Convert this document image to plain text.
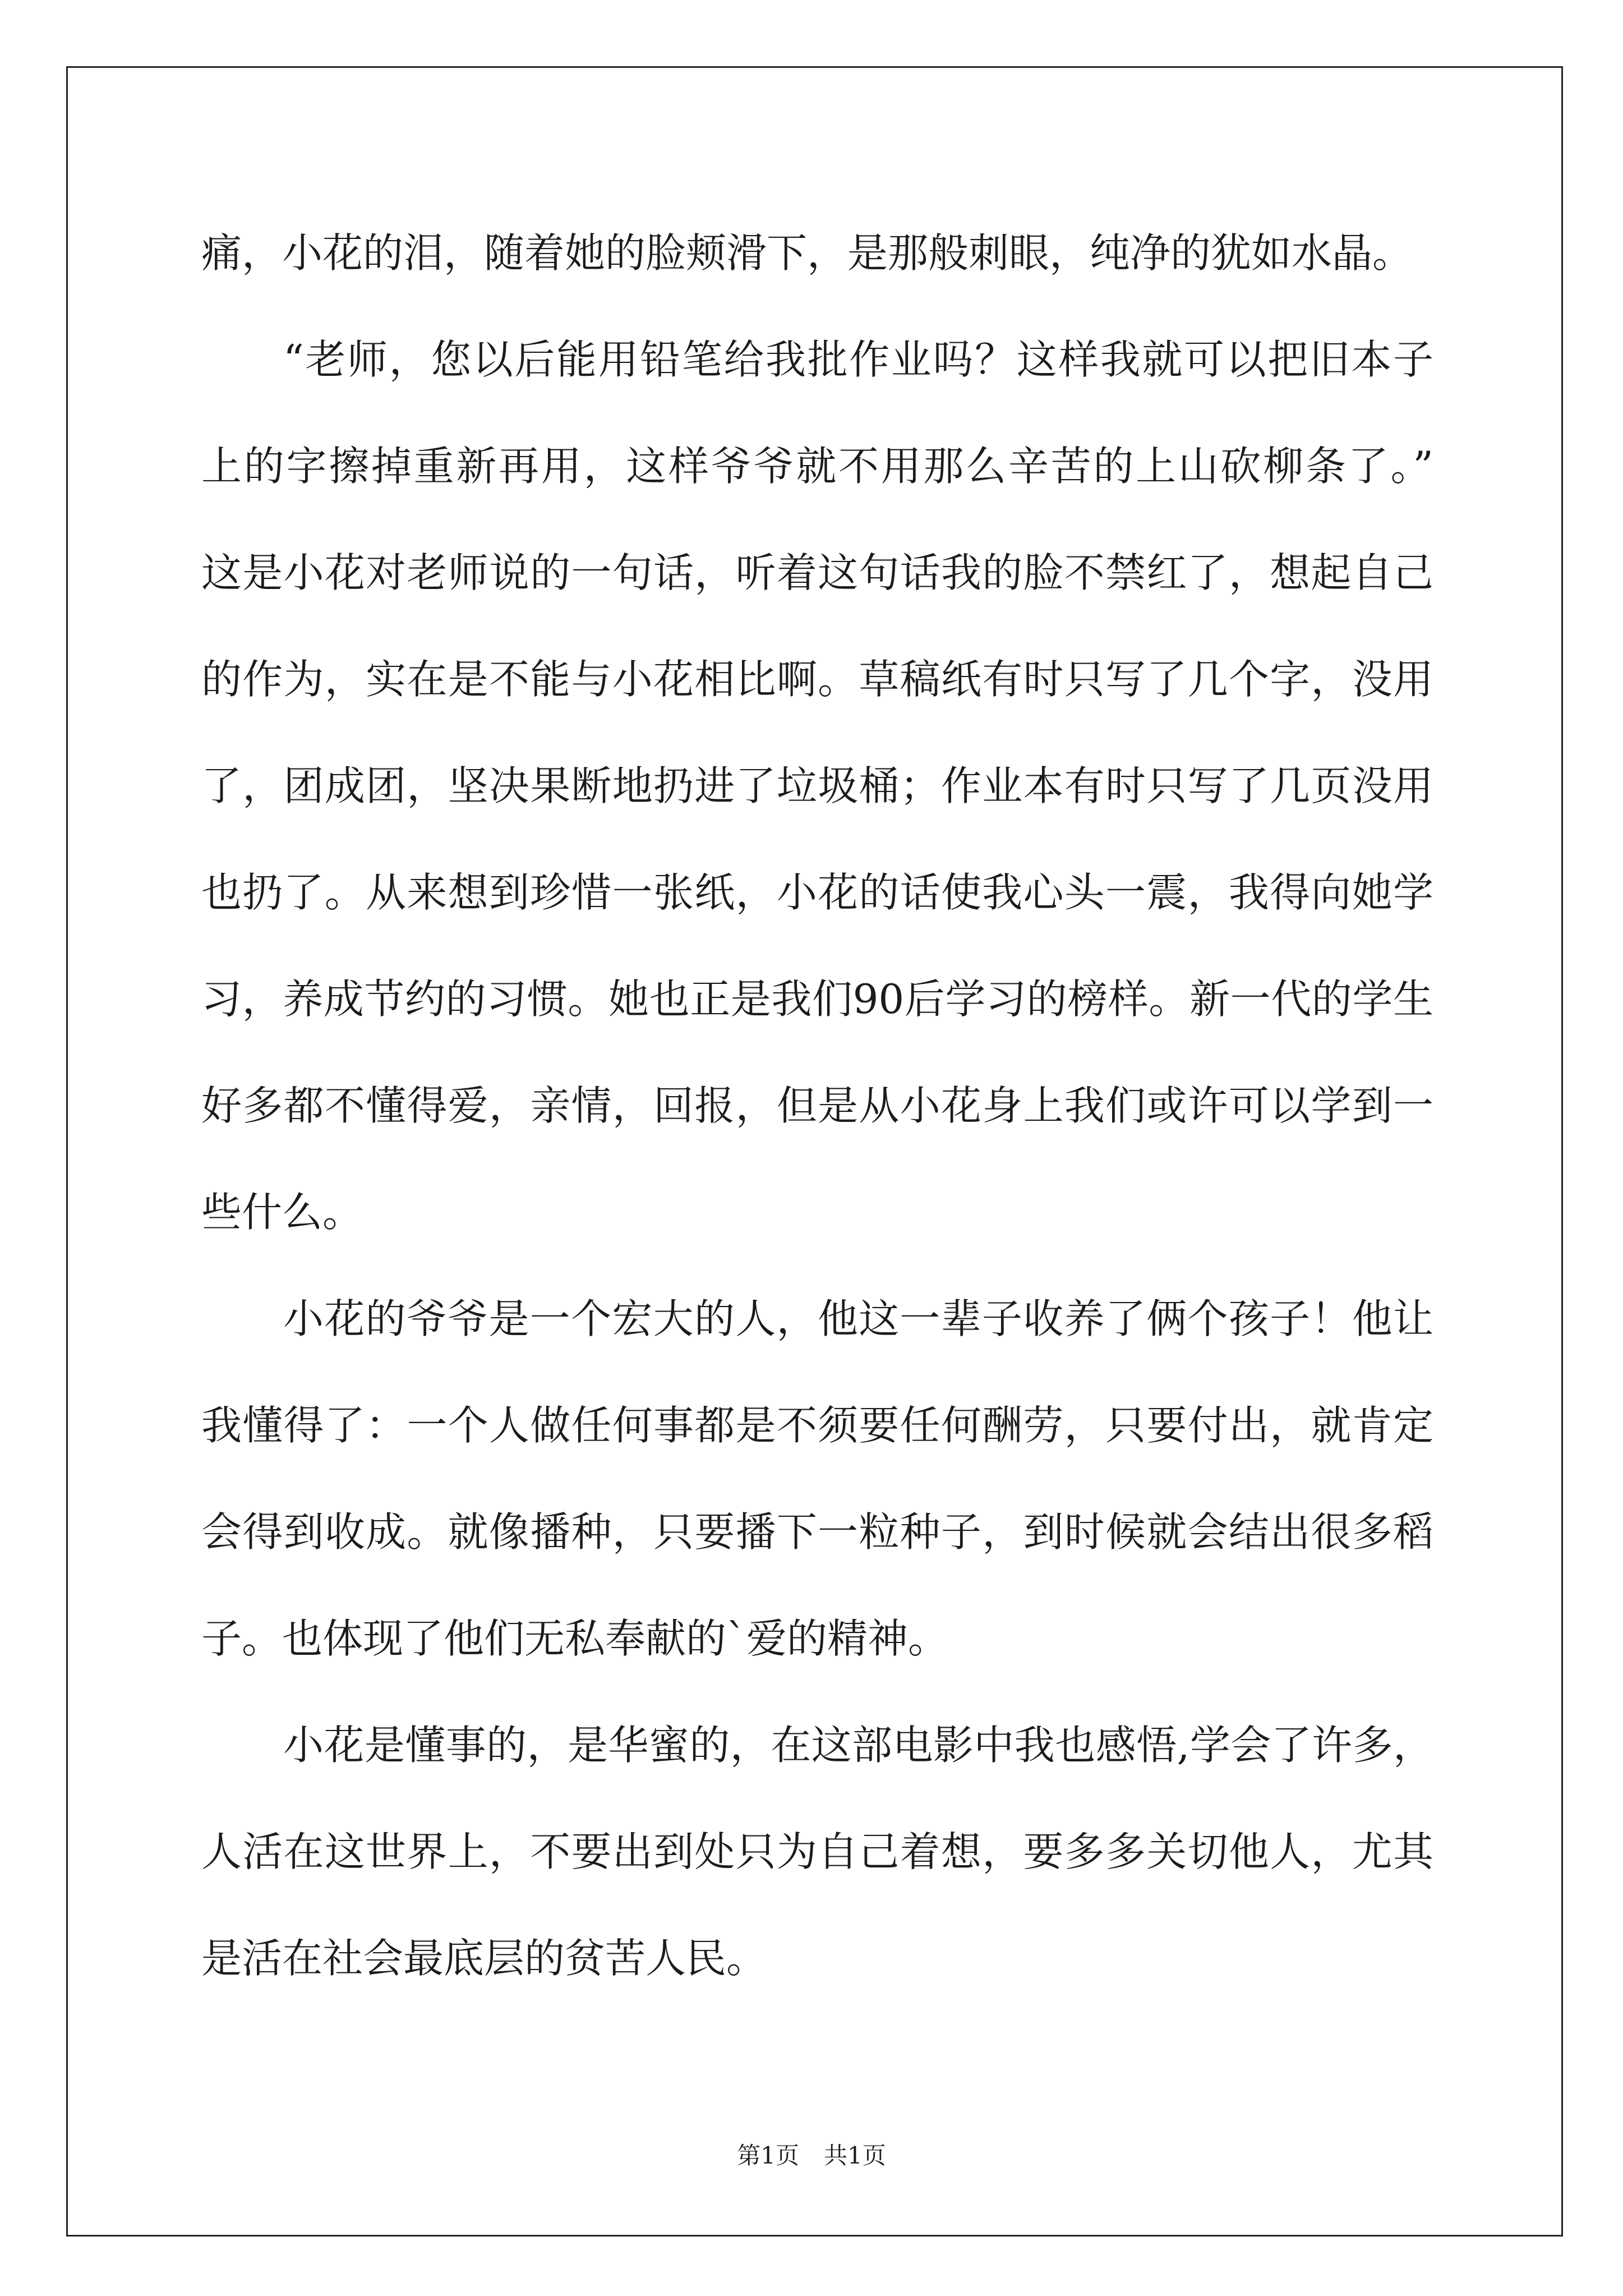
痛，小花的泪，随着她的脸颊滑下，是那般刺眼，纯净的犹如水晶。
“老师，您以后能用铅笔给我批作业吗？这样我就可以把旧本子
上的字擦掉重新再用，这样爷爷就不用那么辛苦的上山砍柳条了。”
这是小花对老师说的一句话，听着这句话我的脸不禁红了，想起自己
的作为，实在是不能与小花相比啊。草稿纸有时只写了几个字，没用
了，团成团，坚决果断地扔进了垃圾桶；作业本有时只写了几页没用
也扔了。从来想到珍惜一张纸，小花的话使我心头一震，我得向她学
习，养成节约的习惯。她也正是我们90后学习的榜样。新一代的学生
好多都不懂得爱，亲情，回报，但是从小花身上我们或许可以学到一
些什么。
小花的爷爷是一个宏大的人，他这一辈子收养了俩个孩子！他让
我懂得了：一个人做任何事都是不须要任何酬劳，只要付出，就肯定
会得到收成。就像播种，只要播下一粒种子，到时候就会结出很多稻
子。也体现了他们无私奉献的`爱的精神。
小花是懂事的，是华蜜的，在这部电影中我也感悟,学会了许多，
人活在这世界上，不要出到处只为自己着想，要多多关切他人，尤其
是活在社会最底层的贫苦人民。
第1页 共1页
